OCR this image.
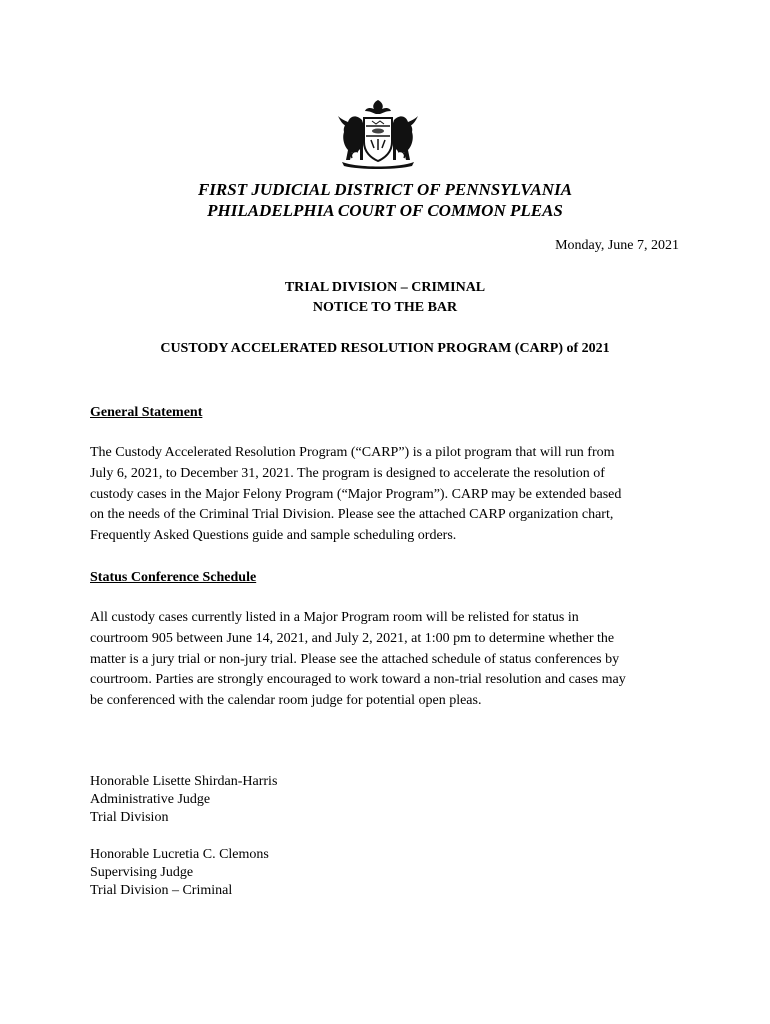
FIRST JUDICIAL DISTRICT OF PENNSYLVANIA
PHILADELPHIA COURT OF COMMON PLEAS
Monday, June 7, 2021
TRIAL DIVISION – CRIMINAL
NOTICE TO THE BAR
CUSTODY ACCELERATED RESOLUTION PROGRAM (CARP) of 2021
General Statement
The Custody Accelerated Resolution Program (“CARP”) is a pilot program that will run from
July 6, 2021, to December 31, 2021. The program is designed to accelerate the resolution of
custody cases in the Major Felony Program (“Major Program”). CARP may be extended based
on the needs of the Criminal Trial Division. Please see the attached CARP organization chart,
Frequently Asked Questions guide and sample scheduling orders.
Status Conference Schedule
All custody cases currently listed in a Major Program room will be relisted for status in
courtroom 905 between June 14, 2021, and July 2, 2021, at 1:00 pm to determine whether the
matter is a jury trial or non-jury trial. Please see the attached schedule of status conferences by
courtroom. Parties are strongly encouraged to work toward a non-trial resolution and cases may
be conferenced with the calendar room judge for potential open pleas.
Honorable Lisette Shirdan-Harris
Administrative Judge
Trial Division
Honorable Lucretia C. Clemons
Supervising Judge
Trial Division – Criminal
